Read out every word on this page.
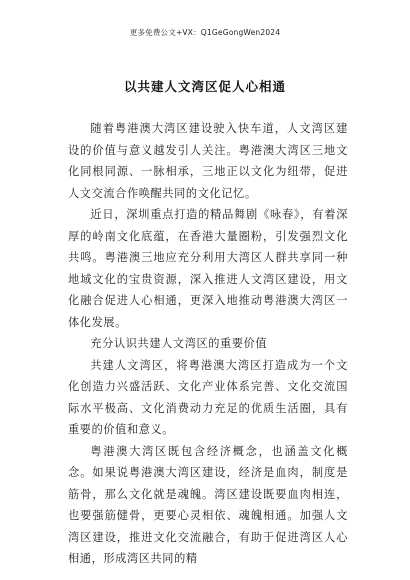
更多免费公文+VX：Q1GeGongWen2024
以共建人文湾区促人心相通

随着粤港澳大湾区建设驶入快车道，人文湾区建设的价值与意义越发引人关注。粤港澳大湾区三地文化同根同源、一脉相承，三地正以文化为纽带，促进人文交流合作唤醒共同的文化记忆。

近日，深圳重点打造的精品舞剧《咏春》，有着深厚的岭南文化底蕴，在香港大量圈粉，引发强烈文化共鸣。粤港澳三地应充分利用大湾区人群共享同一种地域文化的宝贵资源，深入推进人文湾区建设，用文化融合促进人心相通，更深入地推动粤港澳大湾区一体化发展。

充分认识共建人文湾区的重要价值

共建人文湾区，将粤港澳大湾区打造成为一个文化创造力兴盛活跃、文化产业体系完善、文化交流国际水平极高、文化消费动力充足的优质生活圈，具有重要的价值和意义。

粤港澳大湾区既包含经济概念，也涵盖文化概念。如果说粤港澳大湾区建设，经济是血肉，制度是筋骨，那么文化就是魂魄。湾区建设既要血肉相连，也要强筋健骨，更要心灵相依、魂魄相通。加强人文湾区建设，推进文化交流融合，有助于促进湾区人心相通，形成湾区共同的精
